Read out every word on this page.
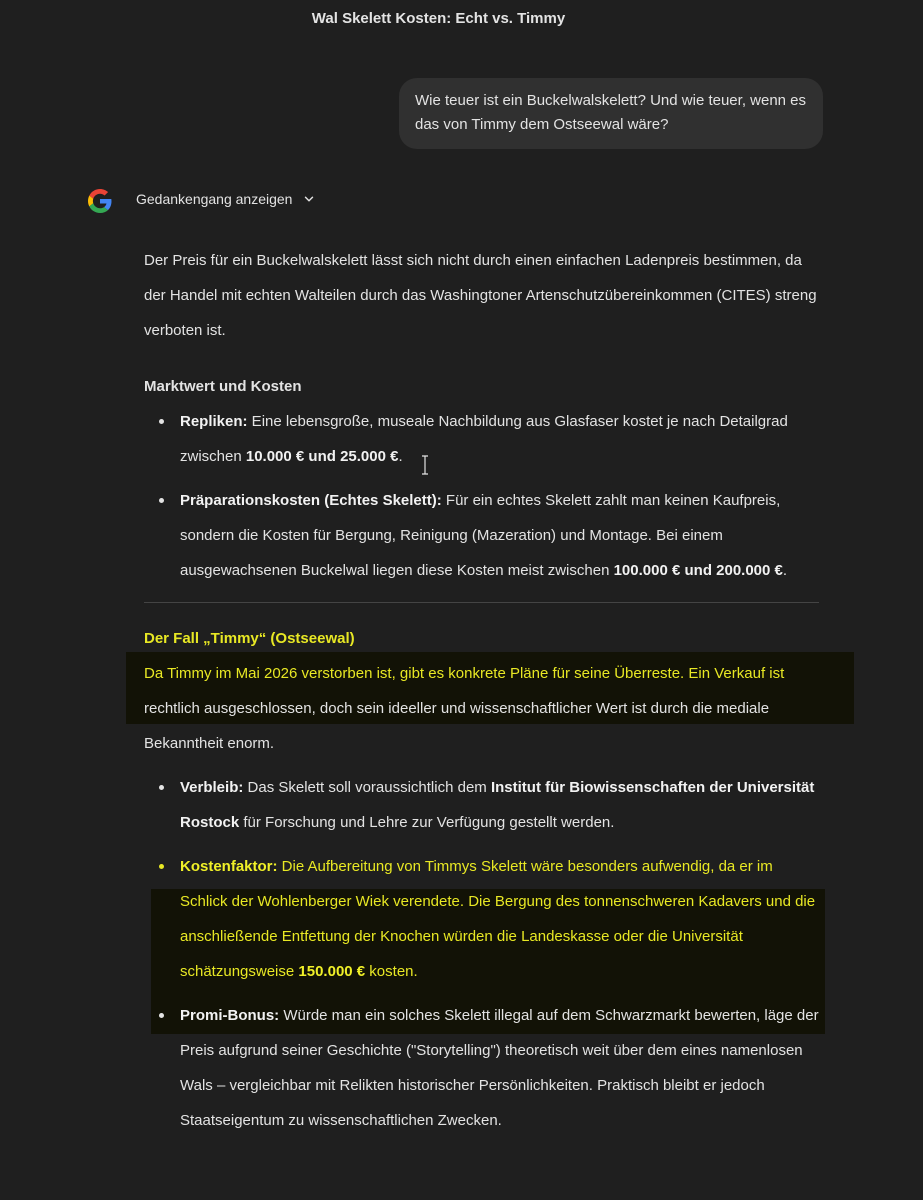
Wal Skelett Kosten: Echt vs. Timmy
Wie teuer ist ein Buckelwalskelett? Und wie teuer, wenn es das von Timmy dem Ostseewal wäre?
Gedankengang anzeigen

Der Preis für ein Buckelwalskelett lässt sich nicht durch einen einfachen Ladenpreis bestimmen, da der Handel mit echten Walteilen durch das Washingtoner Artenschutzübereinkommen (CITES) streng verboten ist.

Marktwert und Kosten

Repliken: Eine lebensgroße, museale Nachbildung aus Glasfaser kostet je nach Detailgrad zwischen 10.000 € und 25.000 €.
Präparationskosten (Echtes Skelett): Für ein echtes Skelett zahlt man keinen Kaufpreis, sondern die Kosten für Bergung, Reinigung (Mazeration) und Montage. Bei einem ausgewachsenen Buckelwal liegen diese Kosten meist zwischen 100.000 € und 200.000 €.

Der Fall „Timmy“ (Ostseewal)

Da Timmy im Mai 2026 verstorben ist, gibt es konkrete Pläne für seine Überreste. Ein Verkauf ist rechtlich ausgeschlossen, doch sein ideeller und wissenschaftlicher Wert ist durch die mediale Bekanntheit enorm.

Verbleib: Das Skelett soll voraussichtlich dem Institut für Biowissenschaften der Universität Rostock für Forschung und Lehre zur Verfügung gestellt werden.
Kostenfaktor: Die Aufbereitung von Timmys Skelett wäre besonders aufwendig, da er im Schlick der Wohlenberger Wiek verendete. Die Bergung des tonnenschweren Kadavers und die anschließende Entfettung der Knochen würden die Landeskasse oder die Universität schätzungsweise 150.000 € kosten.
Promi-Bonus: Würde man ein solches Skelett illegal auf dem Schwarzmarkt bewerten, läge der Preis aufgrund seiner Geschichte ("Storytelling") theoretisch weit über dem eines namenlosen Wals – vergleichbar mit Relikten historischer Persönlichkeiten. Praktisch bleibt er jedoch Staatseigentum zu wissenschaftlichen Zwecken.
